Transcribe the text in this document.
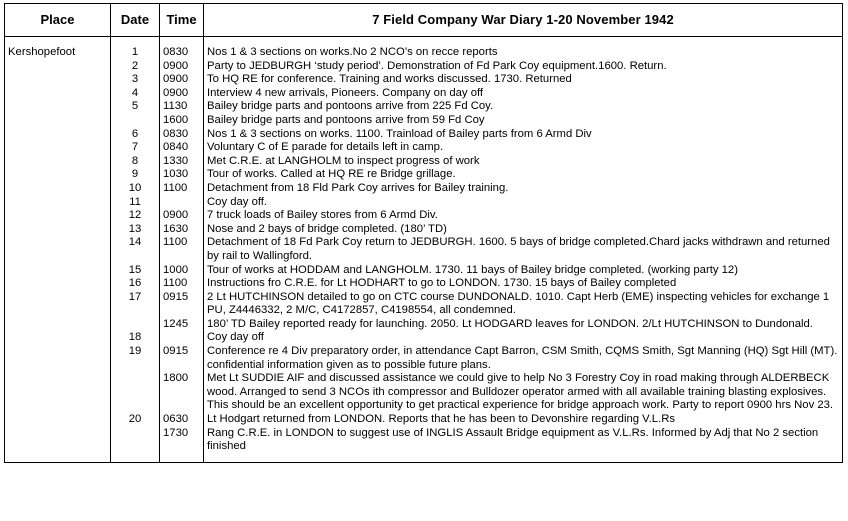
Place	Date	Time	7 Field Company War Diary 1-20 November 1942
Kershopefoot	1	0830	Nos 1 & 3 sections on works.No 2 NCO’s on recce reports
	2	0900	Party to JEDBURGH ‘study period’. Demonstration of Fd Park Coy equipment.1600. Return.
	3	0900	To HQ RE for conference. Training and works discussed. 1730. Returned
	4	0900	Interview 4 new arrivals, Pioneers. Company on day off
	5	1130	Bailey bridge parts and pontoons arrive from 225 Fd Coy.
		1600	Bailey bridge parts and pontoons arrive from 59 Fd Coy
	6	0830	Nos 1 & 3 sections on works. 1100. Trainload of Bailey parts from 6 Armd Div
	7	0840	Voluntary C of E parade for details left in camp.
	8	1330	Met C.R.E. at LANGHOLM to inspect progress of work
	9	1030	Tour of works. Called at HQ RE re Bridge grillage.
	10	1100	Detachment from 18 Fld Park Coy arrives for Bailey training.
	11		Coy day off.
	12	0900	7 truck loads of Bailey stores from 6 Armd Div.
	13	1630	Nose and 2 bays of bridge completed. (180’ TD)
	14	1100	Detachment of 18 Fd Park Coy return to JEDBURGH. 1600. 5 bays of bridge completed.Chard jacks withdrawn and returned by rail to Wallingford.
	15	1000	Tour of works at HODDAM and LANGHOLM. 1730. 11 bays of Bailey bridge completed. (working party 12)
	16	1100	Instructions fro C.R.E. for Lt HODHART to go to LONDON. 1730. 15 bays of Bailey completed
	17	0915	2 Lt HUTCHINSON detailed to go on CTC course DUNDONALD. 1010. Capt Herb (EME) inspecting vehicles for exchange 1 PU, Z4446332, 2 M/C, C4172857, C4198554, all condemned.
		1245	180’ TD Bailey reported ready for launching. 2050. Lt HODGARD leaves for LONDON. 2/Lt HUTCHINSON to Dundonald.
	18		Coy day off
	19	0915	Conference re 4 Div preparatory order, in attendance Capt Barron, CSM Smith, CQMS Smith, Sgt Manning (HQ) Sgt Hill (MT). confidential information given as to possible future plans.
		1800	Met Lt SUDDIE AIF and discussed assistance we could give to help No 3 Forestry Coy in road making through ALDERBECK wood. Arranged to send 3 NCOs ith compressor and Bulldozer operator armed with all available training blasting explosives. This should be an excellent opportunity to get practical experience for bridge approach work. Party to report 0900 hrs Nov 23.
	20	0630	Lt Hodgart returned from LONDON. Reports that he has been to Devonshire regarding V.L.Rs
		1730	Rang C.R.E. in LONDON to suggest use of INGLIS Assault Bridge equipment as V.L.Rs. Informed by Adj that No 2 section finished
